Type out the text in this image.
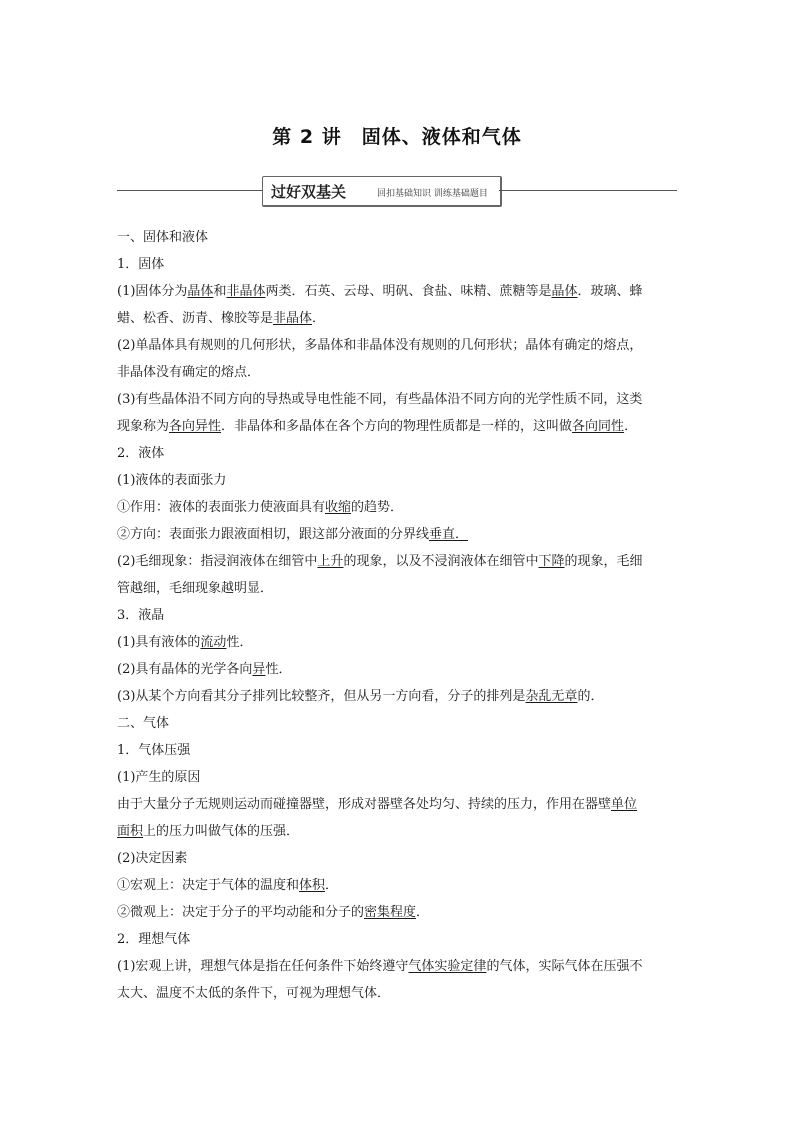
第 2 讲　固体、液体和气体
过好双基关	回扣基础知识 训练基础题目
一、固体和液体
1．固体
(1)固体分为晶体和非晶体两类．石英、云母、明矾、食盐、味精、蔗糖等是晶体．玻璃、蜂
蜡、松香、沥青、橡胶等是非晶体．
(2)单晶体具有规则的几何形状，多晶体和非晶体没有规则的几何形状；晶体有确定的熔点，
非晶体没有确定的熔点．
(3)有些晶体沿不同方向的导热或导电性能不同，有些晶体沿不同方向的光学性质不同，这类
现象称为各向异性．非晶体和多晶体在各个方向的物理性质都是一样的，这叫做各向同性．
2．液体
(1)液体的表面张力
①作用：液体的表面张力使液面具有收缩的趋势．
②方向：表面张力跟液面相切，跟这部分液面的分界线垂直．
(2)毛细现象：指浸润液体在细管中上升的现象，以及不浸润液体在细管中下降的现象，毛细
管越细，毛细现象越明显．
3．液晶
(1)具有液体的流动性．
(2)具有晶体的光学各向异性．
(3)从某个方向看其分子排列比较整齐，但从另一方向看，分子的排列是杂乱无章的．
二、气体
1．气体压强
(1)产生的原因
由于大量分子无规则运动而碰撞器壁，形成对器壁各处均匀、持续的压力，作用在器壁单位
面积上的压力叫做气体的压强．
(2)决定因素
①宏观上：决定于气体的温度和体积．
②微观上：决定于分子的平均动能和分子的密集程度．
2．理想气体
(1)宏观上讲，理想气体是指在任何条件下始终遵守气体实验定律的气体，实际气体在压强不
太大、温度不太低的条件下，可视为理想气体．
